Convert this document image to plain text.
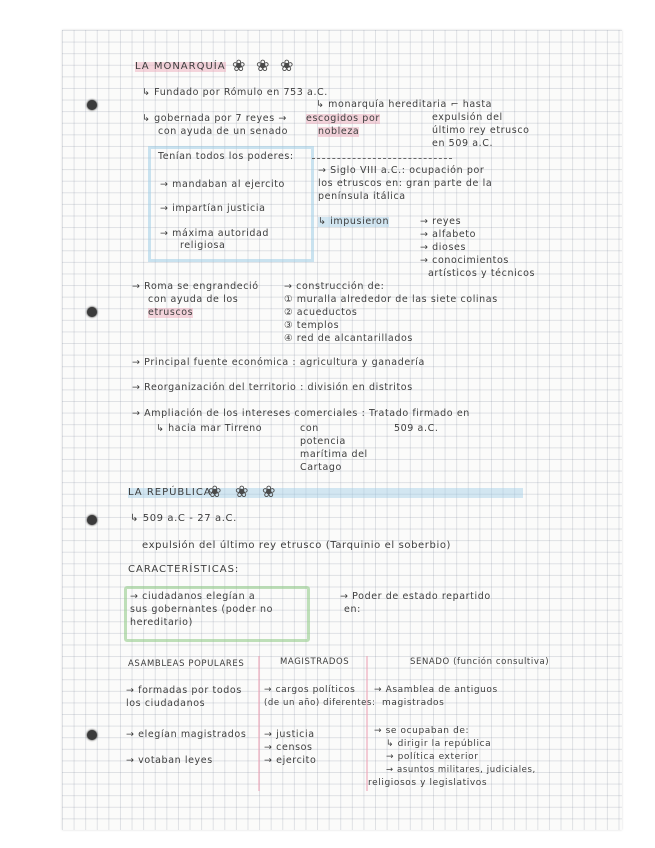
LA MONARQUÍA ❀ ❀ ❀
↳ Fundado por Rómulo en 753 a.C.
↳ gobernada por 7 reyes →
con ayuda de un senado
escogidos por
nobleza
↳ monarquía hereditaria ⌐ hasta
expulsión del
último rey etrusco
en 509 a.C.
Tenían todos los poderes:
→ mandaban al ejercito
→ impartían justicia
→ máxima autoridad
religiosa
→ Siglo VIII a.C.: ocupación por
los etruscos en: gran parte de la
península itálica
↳ impusieron	→ reyes
→ alfabeto
→ dioses
→ conocimientos
artísticos y técnicos
→ Roma se engrandeció
con ayuda de los
etruscos
→ construcción de:
① muralla alrededor de las siete colinas
② acueductos
③ templos
④ red de alcantarillados
→ Principal fuente económica : agricultura y ganadería
→ Reorganización del territorio : división en distritos
→ Ampliación de los intereses comerciales : Tratado firmado en
↳ hacia mar Tirreno	con
potencia
marítima del
Cartago
509 a.C.
LA REPÚBLICA
❀ ❀ ❀
↳ 509 a.C - 27 a.C.
expulsión del último rey etrusco (Tarquinio el soberbio)
CARACTERÍSTICAS:
→ ciudadanos elegían a
sus gobernantes (poder no
hereditario)
→ Poder de estado repartido
en:
ASAMBLEAS POPULARES
→ formadas por todos
los ciudadanos
→ elegían magistrados
→ votaban leyes
MAGISTRADOS
→ cargos políticos
(de un año) diferentes:
→ justicia
→ censos
→ ejercito
SENADO (función consultiva)
→ Asamblea de antiguos
magistrados
→ se ocupaban de:
↳ dirigir la república
→ política exterior
→ asuntos militares, judiciales,
religiosos y legislativos
